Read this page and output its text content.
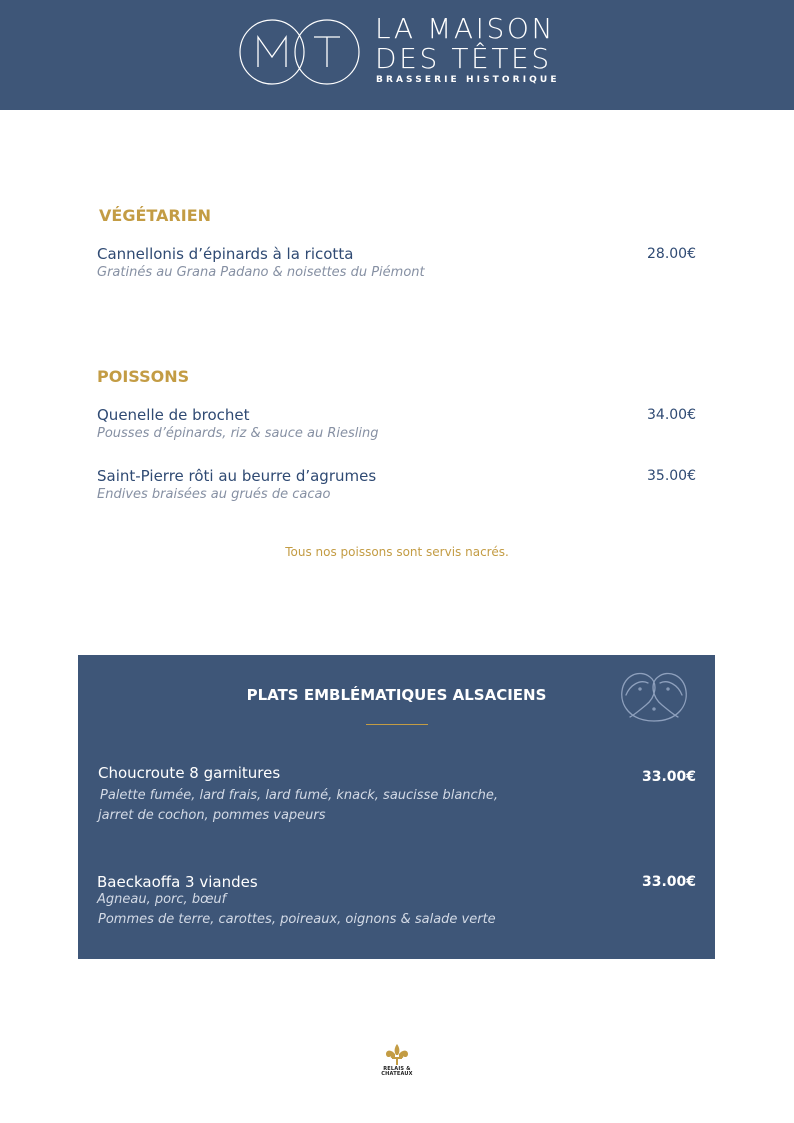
LA MAISON
DES TÊTES
BRASSERIE HISTORIQUE
VÉGÉTARIEN
Cannellonis d’épinards à la ricotta	28.00€
Gratinés au Grana Padano & noisettes du Piémont
POISSONS
Quenelle de brochet	34.00€
Pousses d’épinards, riz & sauce au Riesling
Saint-Pierre rôti au beurre d’agrumes	35.00€
Endives braisées au grués de cacao
Tous nos poissons sont servis nacrés.
PLATS EMBLÉMATIQUES ALSACIENS
Choucroute 8 garnitures	33.00€
Palette fumée, lard frais, lard fumé, knack, saucisse blanche,
jarret de cochon, pommes vapeurs
Baeckaoffa 3 viandes	33.00€
Agneau, porc, bœuf
Pommes de terre, carottes, poireaux, oignons & salade verte
RELAIS &
CHATEAUX
